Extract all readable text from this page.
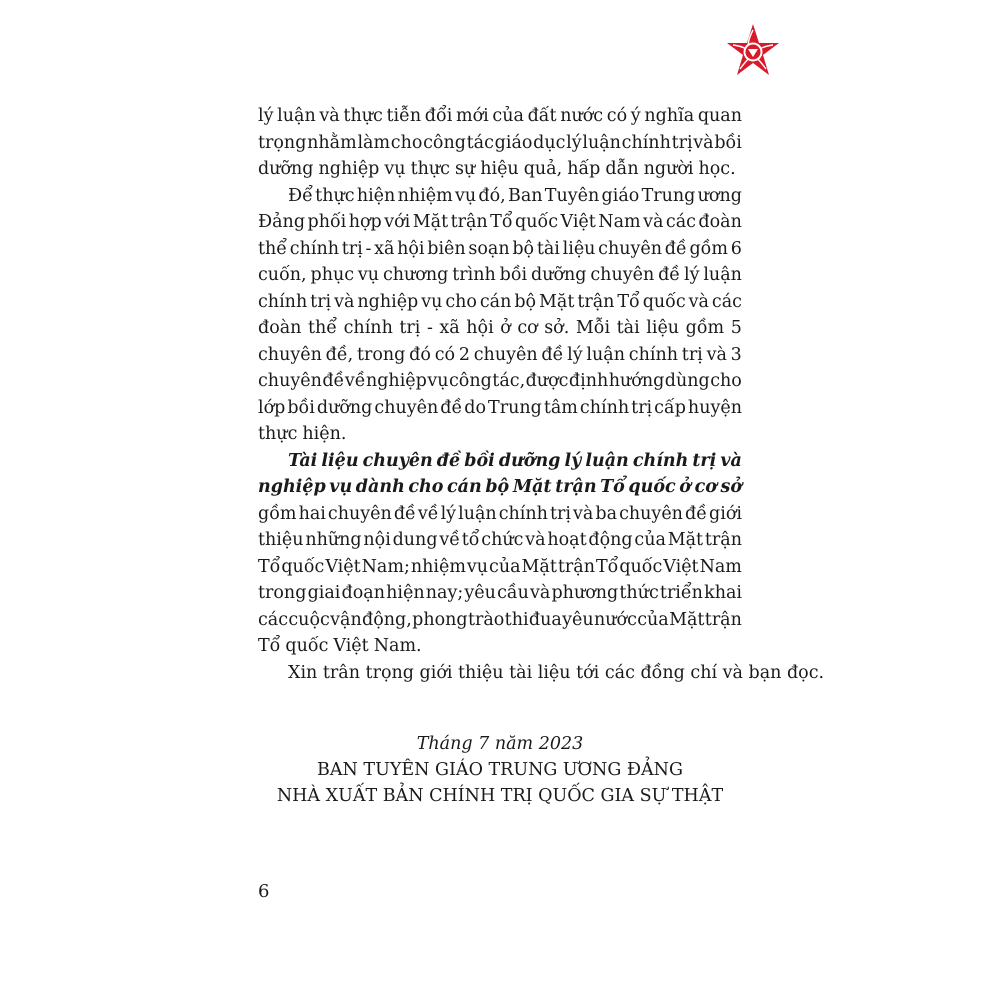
lý luận và thực tiễn đổi mới của đất nước có ý nghĩa quan
trọng nhằm làm cho công tác giáo dục lý luận chính trị và bồi
dưỡng nghiệp vụ thực sự hiệu quả, hấp dẫn người học.
Để thực hiện nhiệm vụ đó, Ban Tuyên giáo Trung ương
Đảng phối hợp với Mặt trận Tổ quốc Việt Nam và các đoàn
thể chính trị - xã hội biên soạn bộ tài liệu chuyên đề gồm 6
cuốn, phục vụ chương trình bồi dưỡng chuyên đề lý luận
chính trị và nghiệp vụ cho cán bộ Mặt trận Tổ quốc và các
đoàn thể chính trị - xã hội ở cơ sở. Mỗi tài liệu gồm 5
chuyên đề, trong đó có 2 chuyên đề lý luận chính trị và 3
chuyên đề về nghiệp vụ công tác, được định hướng dùng cho
lớp bồi dưỡng chuyên đề do Trung tâm chính trị cấp huyện
thực hiện.
Tài liệu chuyên đề bồi dưỡng lý luận chính trị và
nghiệp vụ dành cho cán bộ Mặt trận Tổ quốc ở cơ sở
gồm hai chuyên đề về lý luận chính trị và ba chuyên đề giới
thiệu những nội dung về tổ chức và hoạt động của Mặt trận
Tổ quốc Việt Nam; nhiệm vụ của Mặt trận Tổ quốc Việt Nam
trong giai đoạn hiện nay; yêu cầu và phương thức triển khai
các cuộc vận động, phong trào thi đua yêu nước của Mặt trận
Tổ quốc Việt Nam.
Xin trân trọng giới thiệu tài liệu tới các đồng chí và bạn đọc.
Tháng 7 năm 2023
BAN TUYÊN GIÁO TRUNG ƯƠNG ĐẢNG
NHÀ XUẤT BẢN CHÍNH TRỊ QUỐC GIA SỰ THẬT
6
